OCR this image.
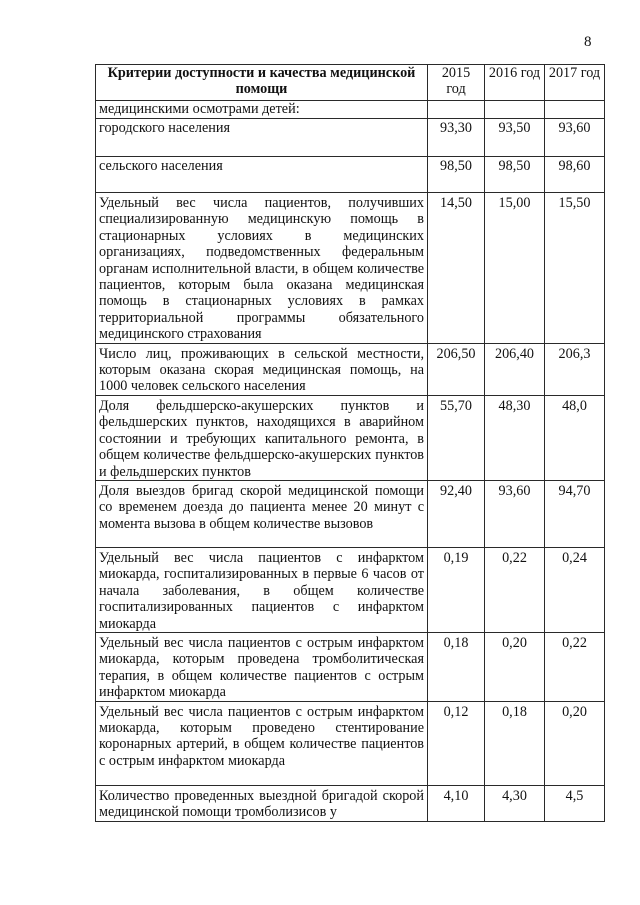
8
Критерии доступности и качества медицинской помощи	2015 год	2016 год	2017 год
медицинскими осмотрами детей:			
городского населения	93,30	93,50	93,60
сельского населения	98,50	98,50	98,60
Удельный вес числа пациентов, получивших специализированную медицинскую помощь в стационарных условиях в медицинских организациях, подведомственных федеральным органам исполнительной власти, в общем количестве пациентов, которым была оказана медицинская помощь в стационарных условиях в рамках территориальной программы обязательного медицинского страхования	14,50	15,00	15,50
Число лиц, проживающих в сельской местности, которым оказана скорая медицинская помощь, на 1000 человек сельского населения	206,50	206,40	206,3
Доля фельдшерско-акушерских пунктов и фельдшерских пунктов, находящихся в аварийном состоянии и требующих капитального ремонта, в общем количестве фельдшерско-акушерских пунктов и фельдшерских пунктов	55,70	48,30	48,0
Доля выездов бригад скорой медицинской помощи со временем доезда до пациента менее 20 минут с момента вызова в общем количестве вызовов	92,40	93,60	94,70
Удельный вес числа пациентов с инфарктом миокарда, госпитализированных в первые 6 часов от начала заболевания, в общем количестве госпитализированных пациентов с инфарктом миокарда	0,19	0,22	0,24
Удельный вес числа пациентов с острым инфарктом миокарда, которым проведена тромболитическая терапия, в общем количестве пациентов с острым инфарктом миокарда	0,18	0,20	0,22
Удельный вес числа пациентов с острым инфарктом миокарда, которым проведено стентирование коронарных артерий, в общем количестве пациентов с острым инфарктом миокарда	0,12	0,18	0,20
Количество проведенных выездной бригадой скорой медицинской помощи тромболизисов у	4,10	4,30	4,5
